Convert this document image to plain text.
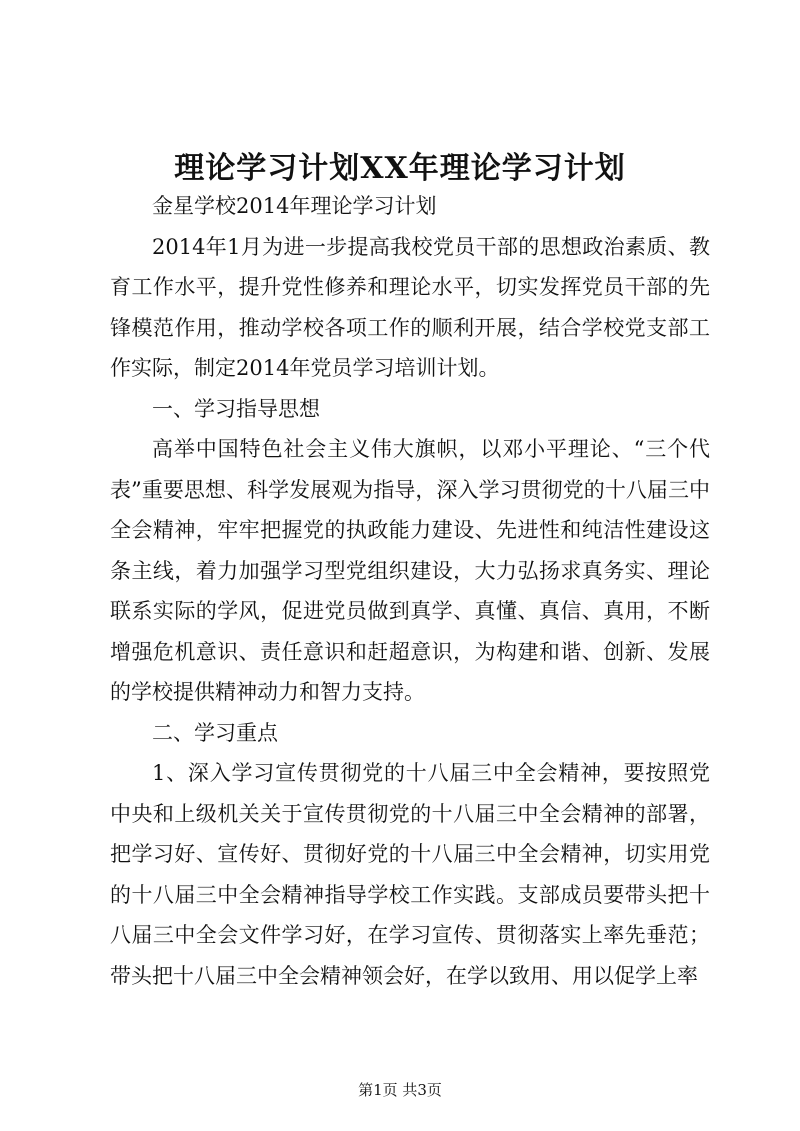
理论学习计划XX年理论学习计划

金星学校2014年理论学习计划

2014年1月为进一步提高我校党员干部的思想政治素质、教育工作水平，提升党性修养和理论水平，切实发挥党员干部的先锋模范作用，推动学校各项工作的顺利开展，结合学校党支部工作实际，制定2014年党员学习培训计划。

一、学习指导思想

高举中国特色社会主义伟大旗帜，以邓小平理论、“三个代表”重要思想、科学发展观为指导，深入学习贯彻党的十八届三中全会精神，牢牢把握党的执政能力建设、先进性和纯洁性建设这条主线，着力加强学习型党组织建设，大力弘扬求真务实、理论联系实际的学风，促进党员做到真学、真懂、真信、真用，不断增强危机意识、责任意识和赶超意识，为构建和谐、创新、发展的学校提供精神动力和智力支持。

二、学习重点

1、深入学习宣传贯彻党的十八届三中全会精神，要按照党中央和上级机关关于宣传贯彻党的十八届三中全会精神的部署，把学习好、宣传好、贯彻好党的十八届三中全会精神，切实用党的十八届三中全会精神指导学校工作实践。支部成员要带头把十八届三中全会文件学习好，在学习宣传、贯彻落实上率先垂范；带头把十八届三中全会精神领会好，在学以致用、用以促学上率

第1页 共3页
